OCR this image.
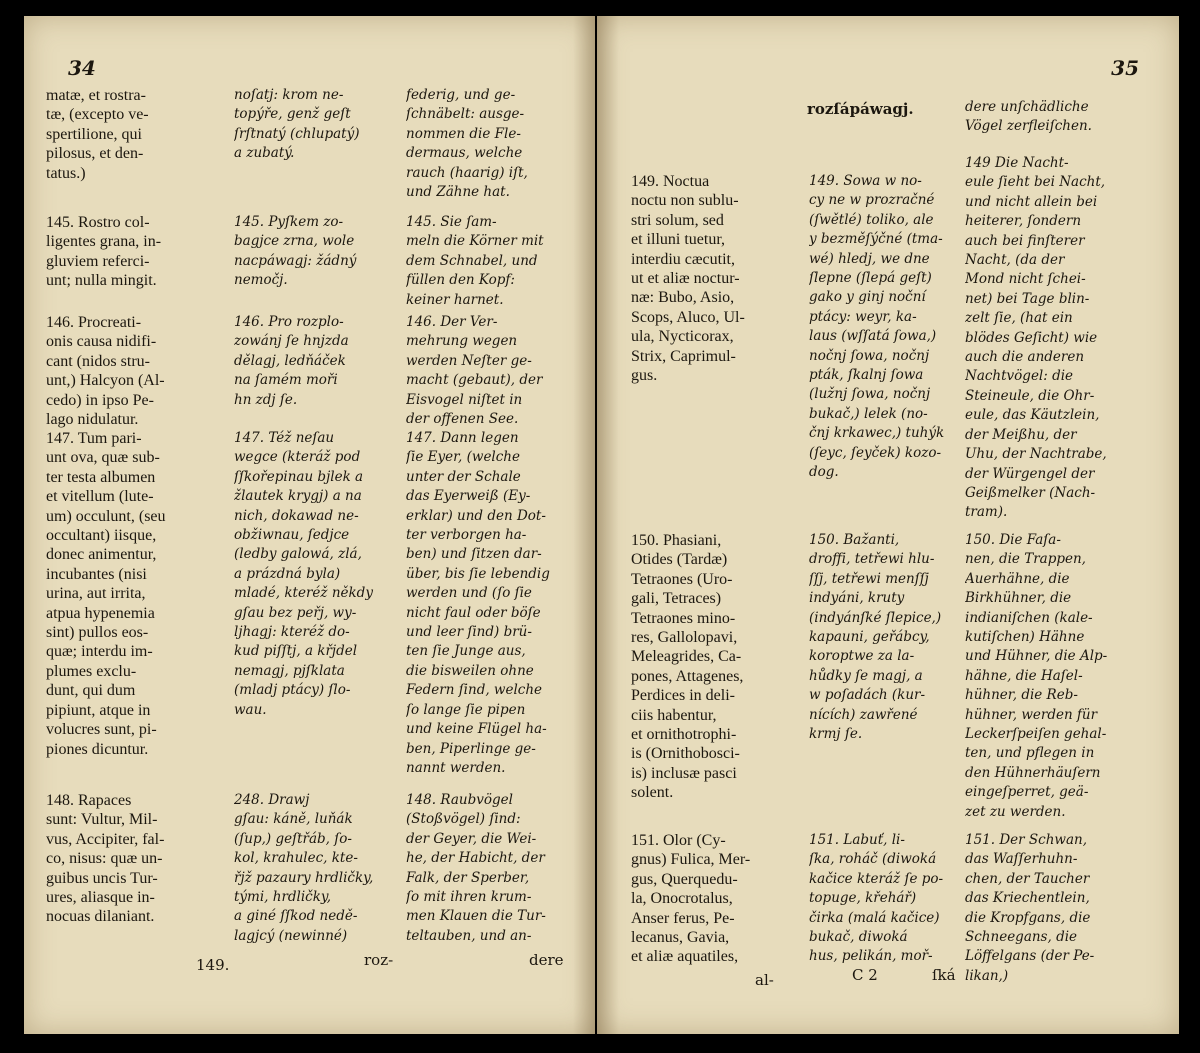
34
matæ, et rostra-
tæ, (excepto ve-
spertilione, qui
pilosus, et den-
tatus.)
noſatj: krom ne-
topýře, genž geſt
ſrſtnatý (chlupatý)
a zubatý.
federig, und ge-
ſchnäbelt: ausge-
nommen die Fle-
dermaus, welche
rauch (haarig) iſt,
und Zähne hat.
145. Rostro col-
ligentes grana, in-
gluviem referci-
unt; nulla mingit.
145. Pyſkem zo-
bagjce zrna, wole
nacpáwagj: žádný
nemočj.
145. Sie ſam-
meln die Körner mit
dem Schnabel, und
füllen den Kopf:
keiner harnet.
146. Procreati-
onis causa nidifi-
cant (nidos stru-
unt,) Halcyon (Al-
cedo) in ipso Pe-
lago nidulatur.
146. Pro rozplo-
zowánj ſe hnjzda
dělagj, ledňáček
na ſamém moři
hn zdj ſe.
146. Der Ver-
mehrung wegen
werden Neſter ge-
macht (gebaut), der
Eisvogel niſtet in
der offenen See.
147. Tum pari-
unt ova, quæ sub-
ter testa albumen
et vitellum (lute-
um) occulunt, (seu
occultant) iisque,
donec animentur,
incubantes (nisi
urina, aut irrita,
atpua hypenemia
sint) pullos eos-
quæ; interdu im-
plumes exclu-
dunt, qui dum
pipiunt, atque in
volucres sunt, pi-
piones dicuntur.
147. Též neſau
wegce (kteráž pod
ſſkořepinau bjlek a
žlautek krygj) a na
nich, dokawad ne-
obžiwnau, ſedjce
(ledby galowá, zlá,
a prázdná byla)
mladé, kteréž někdy
gſau bez peřj, wy-
ljhagj: kteréž do-
kud piſſtj, a křjdel
nemagj, pjſklata
(mladj ptácy) ſlo-
wau.
147. Dann legen
ſie Eyer, (welche
unter der Schale
das Eyerweiß (Ey-
erklar) und den Dot-
ter verborgen ha-
ben) und ſitzen dar-
über, bis ſie lebendig
werden und (ſo ſie
nicht faul oder böſe
und leer ſind) brü-
ten ſie Junge aus,
die bisweilen ohne
Federn ſind, welche
ſo lange ſie pipen
und keine Flügel ha-
ben, Piperlinge ge-
nannt werden.
148. Rapaces
sunt: Vultur, Mil-
vus, Accipiter, fal-
co, nisus: quæ un-
guibus uncis Tur-
ures, aliasque in-
nocuas dilaniant.
248. Drawj
gſau: káně, luňák
(ſup,) geſtřáb, ſo-
kol, krahulec, kte-
řjž pazaury hrdličky,
tými, hrdličky,
a giné ſſkod nedě-
lagjcý (newinné)
148. Raubvögel
(Stoßvögel) ſind:
der Geyer, die Wei-
he, der Habicht, der
Falk, der Sperber,
ſo mit ihren krum-
men Klauen die Tur-
teltauben, und an-
149.	roz-	dere
35
rozſápáwagj.	dere unſchädliche
Vögel zerfleiſchen.
149. Noctua
noctu non sublu-
stri solum, sed
et illuni tuetur,
interdiu cæcutit,
ut et aliæ noctur-
næ: Bubo, Asio,
Scops, Aluco, Ul-
ula, Nycticorax,
Strix, Caprimul-
gus.
149. Sowa w no-
cy ne w prozračné
(ſwětlé) toliko, ale
y bezměſýčné (tma-
wé) hledj, we dne
ſlepne (ſlepá geſt)
gako y ginj noční
ptácy: weyr, ka-
laus (wſſatá ſowa,)
nočnj ſowa, nočnj
pták, ſkalnj ſowa
(lužnj ſowa, nočnj
bukač,) lelek (no-
čnj krkawec,) tuhýk
(ſeyc, ſeyček) kozo-
dog.
149 Die Nacht-
eule ſieht bei Nacht,
und nicht allein bei
heiterer, ſondern
auch bei finſterer
Nacht, (da der
Mond nicht ſchei-
net) bei Tage blin-
zelt ſie, (hat ein
blödes Geſicht) wie
auch die anderen
Nachtvögel: die
Steineule, die Ohr-
eule, das Käutzlein,
der Meißhu, der
Uhu, der Nachtrabe,
der Würgengel der
Geißmelker (Nach-
tram).
150. Phasiani,
Otides (Tardæ)
Tetraones (Uro-
gali, Tetraces)
Tetraones mino-
res, Gallolopavi,
Meleagrides, Ca-
pones, Attagenes,
Perdices in deli-
ciis habentur,
et ornithotrophi-
is (Ornithobosci-
is) inclusæ pasci
solent.
150. Bažanti,
droffi, tetřewi hlu-
ſſj, tetřewi menſſj
indyáni, kruty
(indyánſké ſlepice,)
kapauni, geřábcy,
koroptwe za la-
hůdky ſe magj, a
w poſadách (kur-
nících) zawřené
krmj ſe.
150. Die Faſa-
nen, die Trappen,
Auerhähne, die
Birkhühner, die
indianiſchen (kale-
kutiſchen) Hähne
und Hühner, die Alp-
hähne, die Haſel-
hühner, die Reb-
hühner, werden für
Leckerſpeiſen gehal-
ten, und pflegen in
den Hühnerhäuſern
eingeſperret, geä-
zet zu werden.
151. Olor (Cy-
gnus) Fulica, Mer-
gus, Querquedu-
la, Onocrotalus,
Anser ferus, Pe-
lecanus, Gavia,
et aliæ aquatiles,
151. Labuť, li-
ſka, roháč (diwoká
kačice kteráž ſe po-
topuge, křehář)
čirka (malá kačice)
bukač, diwoká
hus, pelikán, moř-
151. Der Schwan,
das Waſſerhuhn-
chen, der Taucher
das Kriechentlein,
die Kropfgans, die
Schneegans, die
Löffelgans (der Pe-
likan,)
al-	C 2	ſká
